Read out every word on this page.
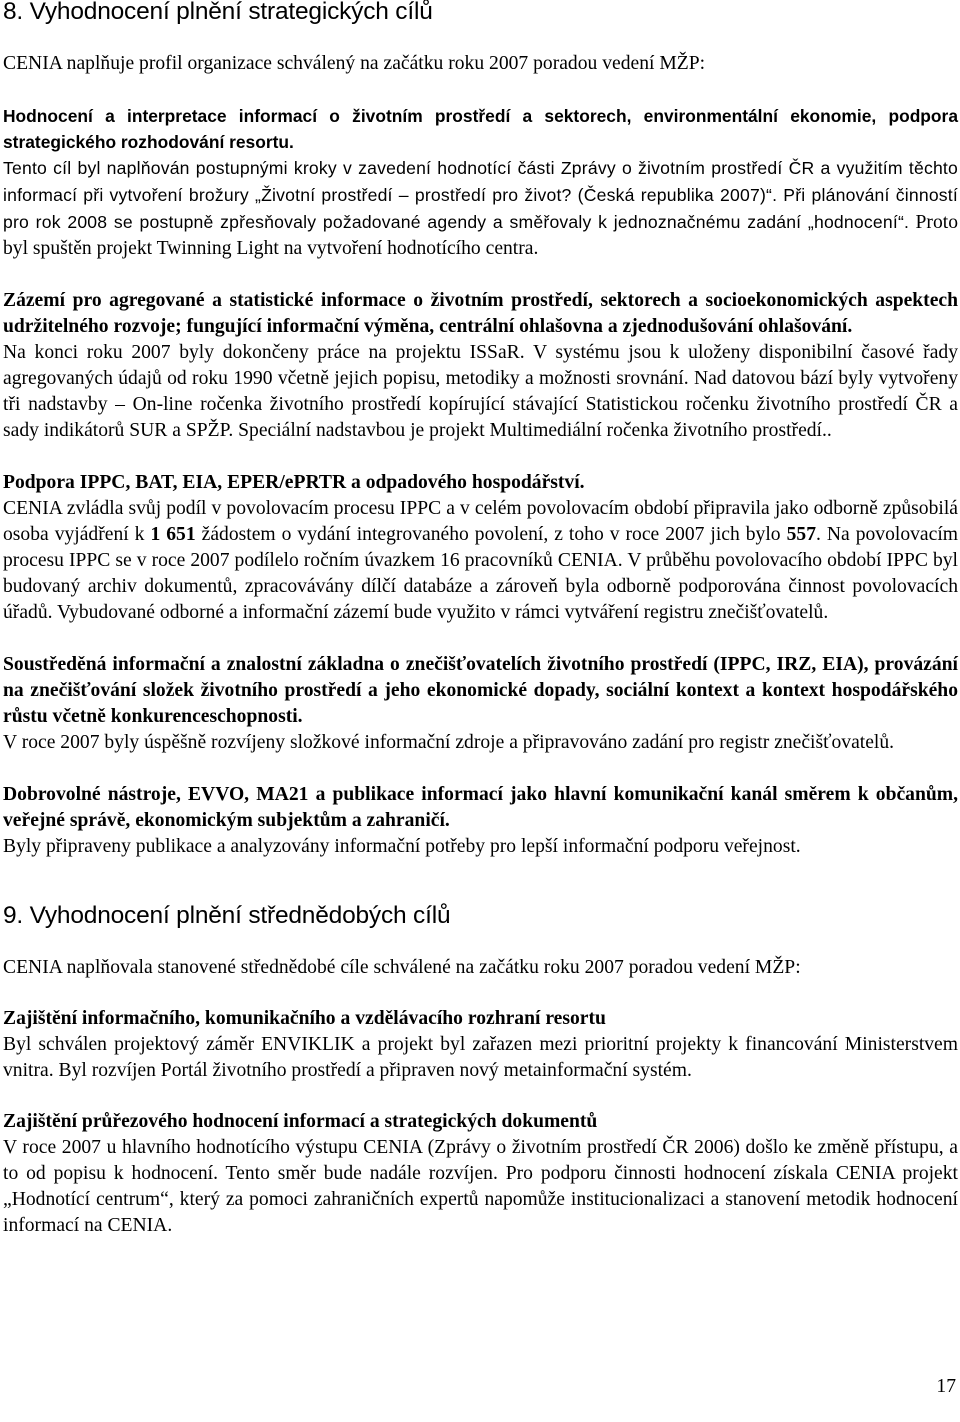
8. Vyhodnocení plnění strategických cílů

CENIA naplňuje profil organizace schválený na začátku roku 2007 poradou vedení MŽP:

Hodnocení a interpretace informací o životním prostředí a sektorech, environmentální ekonomie, podpora strategického rozhodování resortu.

Tento cíl byl naplňován postupnými kroky v zavedení hodnotící části Zprávy o životním prostředí ČR a využitím těchto informací při vytvoření brožury „Životní prostředí – prostředí pro život? (Česká republika 2007)“. Při plánování činností pro rok 2008 se postupně zpřesňovaly požadované agendy a směřovaly k jednoznačnému zadání „hodnocení“. Proto byl spuštěn projekt Twinning Light na vytvoření hodnotícího centra.

Zázemí pro agregované a statistické informace o životním prostředí, sektorech a socioekonomických aspektech udržitelného rozvoje; fungující informační výměna, centrální ohlašovna a zjednodušování ohlašování.

Na konci roku 2007 byly dokončeny práce na projektu ISSaR. V systému jsou k uloženy disponibilní časové řady agregovaných údajů od roku 1990 včetně jejich popisu, metodiky a možnosti srovnání. Nad datovou bází byly vytvořeny tři nadstavby – On-line ročenka životního prostředí kopírující stávající Statistickou ročenku životního prostředí ČR a sady indikátorů SUR a SPŽP. Speciální nadstavbou je projekt Multimediální ročenka životního prostředí..

Podpora IPPC, BAT, EIA, EPER/ePRTR a odpadového hospodářství.

CENIA zvládla svůj podíl v povolovacím procesu IPPC a v celém povolovacím období připravila jako odborně způsobilá osoba vyjádření k 1 651 žádostem o vydání integrovaného povolení, z toho v roce 2007 jich bylo 557. Na povolovacím procesu IPPC se v roce 2007 podílelo ročním úvazkem 16 pracovníků CENIA. V průběhu povolovacího období IPPC byl budovaný archiv dokumentů, zpracovávány dílčí databáze a zároveň byla odborně podporována činnost povolovacích úřadů. Vybudované odborné a informační zázemí bude využito v rámci vytváření registru znečišťovatelů.

Soustředěná informační a znalostní základna o znečišťovatelích životního prostředí (IPPC, IRZ, EIA), provázání na znečišťování složek životního prostředí a jeho ekonomické dopady, sociální kontext a kontext hospodářského růstu včetně konkurenceschopnosti.

V roce 2007 byly úspěšně rozvíjeny složkové informační zdroje a připravováno zadání pro registr znečišťovatelů.

Dobrovolné nástroje, EVVO, MA21 a publikace informací jako hlavní komunikační kanál směrem k občanům, veřejné správě, ekonomickým subjektům a zahraničí.

Byly připraveny publikace a analyzovány informační potřeby pro lepší informační podporu veřejnost.

9. Vyhodnocení plnění střednědobých cílů

CENIA naplňovala stanovené střednědobé cíle schválené na začátku roku 2007 poradou vedení MŽP:

Zajištění informačního, komunikačního a vzdělávacího rozhraní resortu

Byl schválen projektový záměr ENVIKLIK a projekt byl zařazen mezi prioritní projekty k financování Ministerstvem vnitra. Byl rozvíjen Portál životního prostředí a připraven nový metainformační systém.

Zajištění průřezového hodnocení informací a strategických dokumentů

V roce 2007 u hlavního hodnotícího výstupu CENIA (Zprávy o životním prostředí ČR 2006) došlo ke změně přístupu, a to od popisu k hodnocení. Tento směr bude nadále rozvíjen. Pro podporu činnosti hodnocení získala CENIA projekt „Hodnotící centrum“, který za pomoci zahraničních expertů napomůže institucionalizaci a stanovení metodik hodnocení informací na CENIA.

17
